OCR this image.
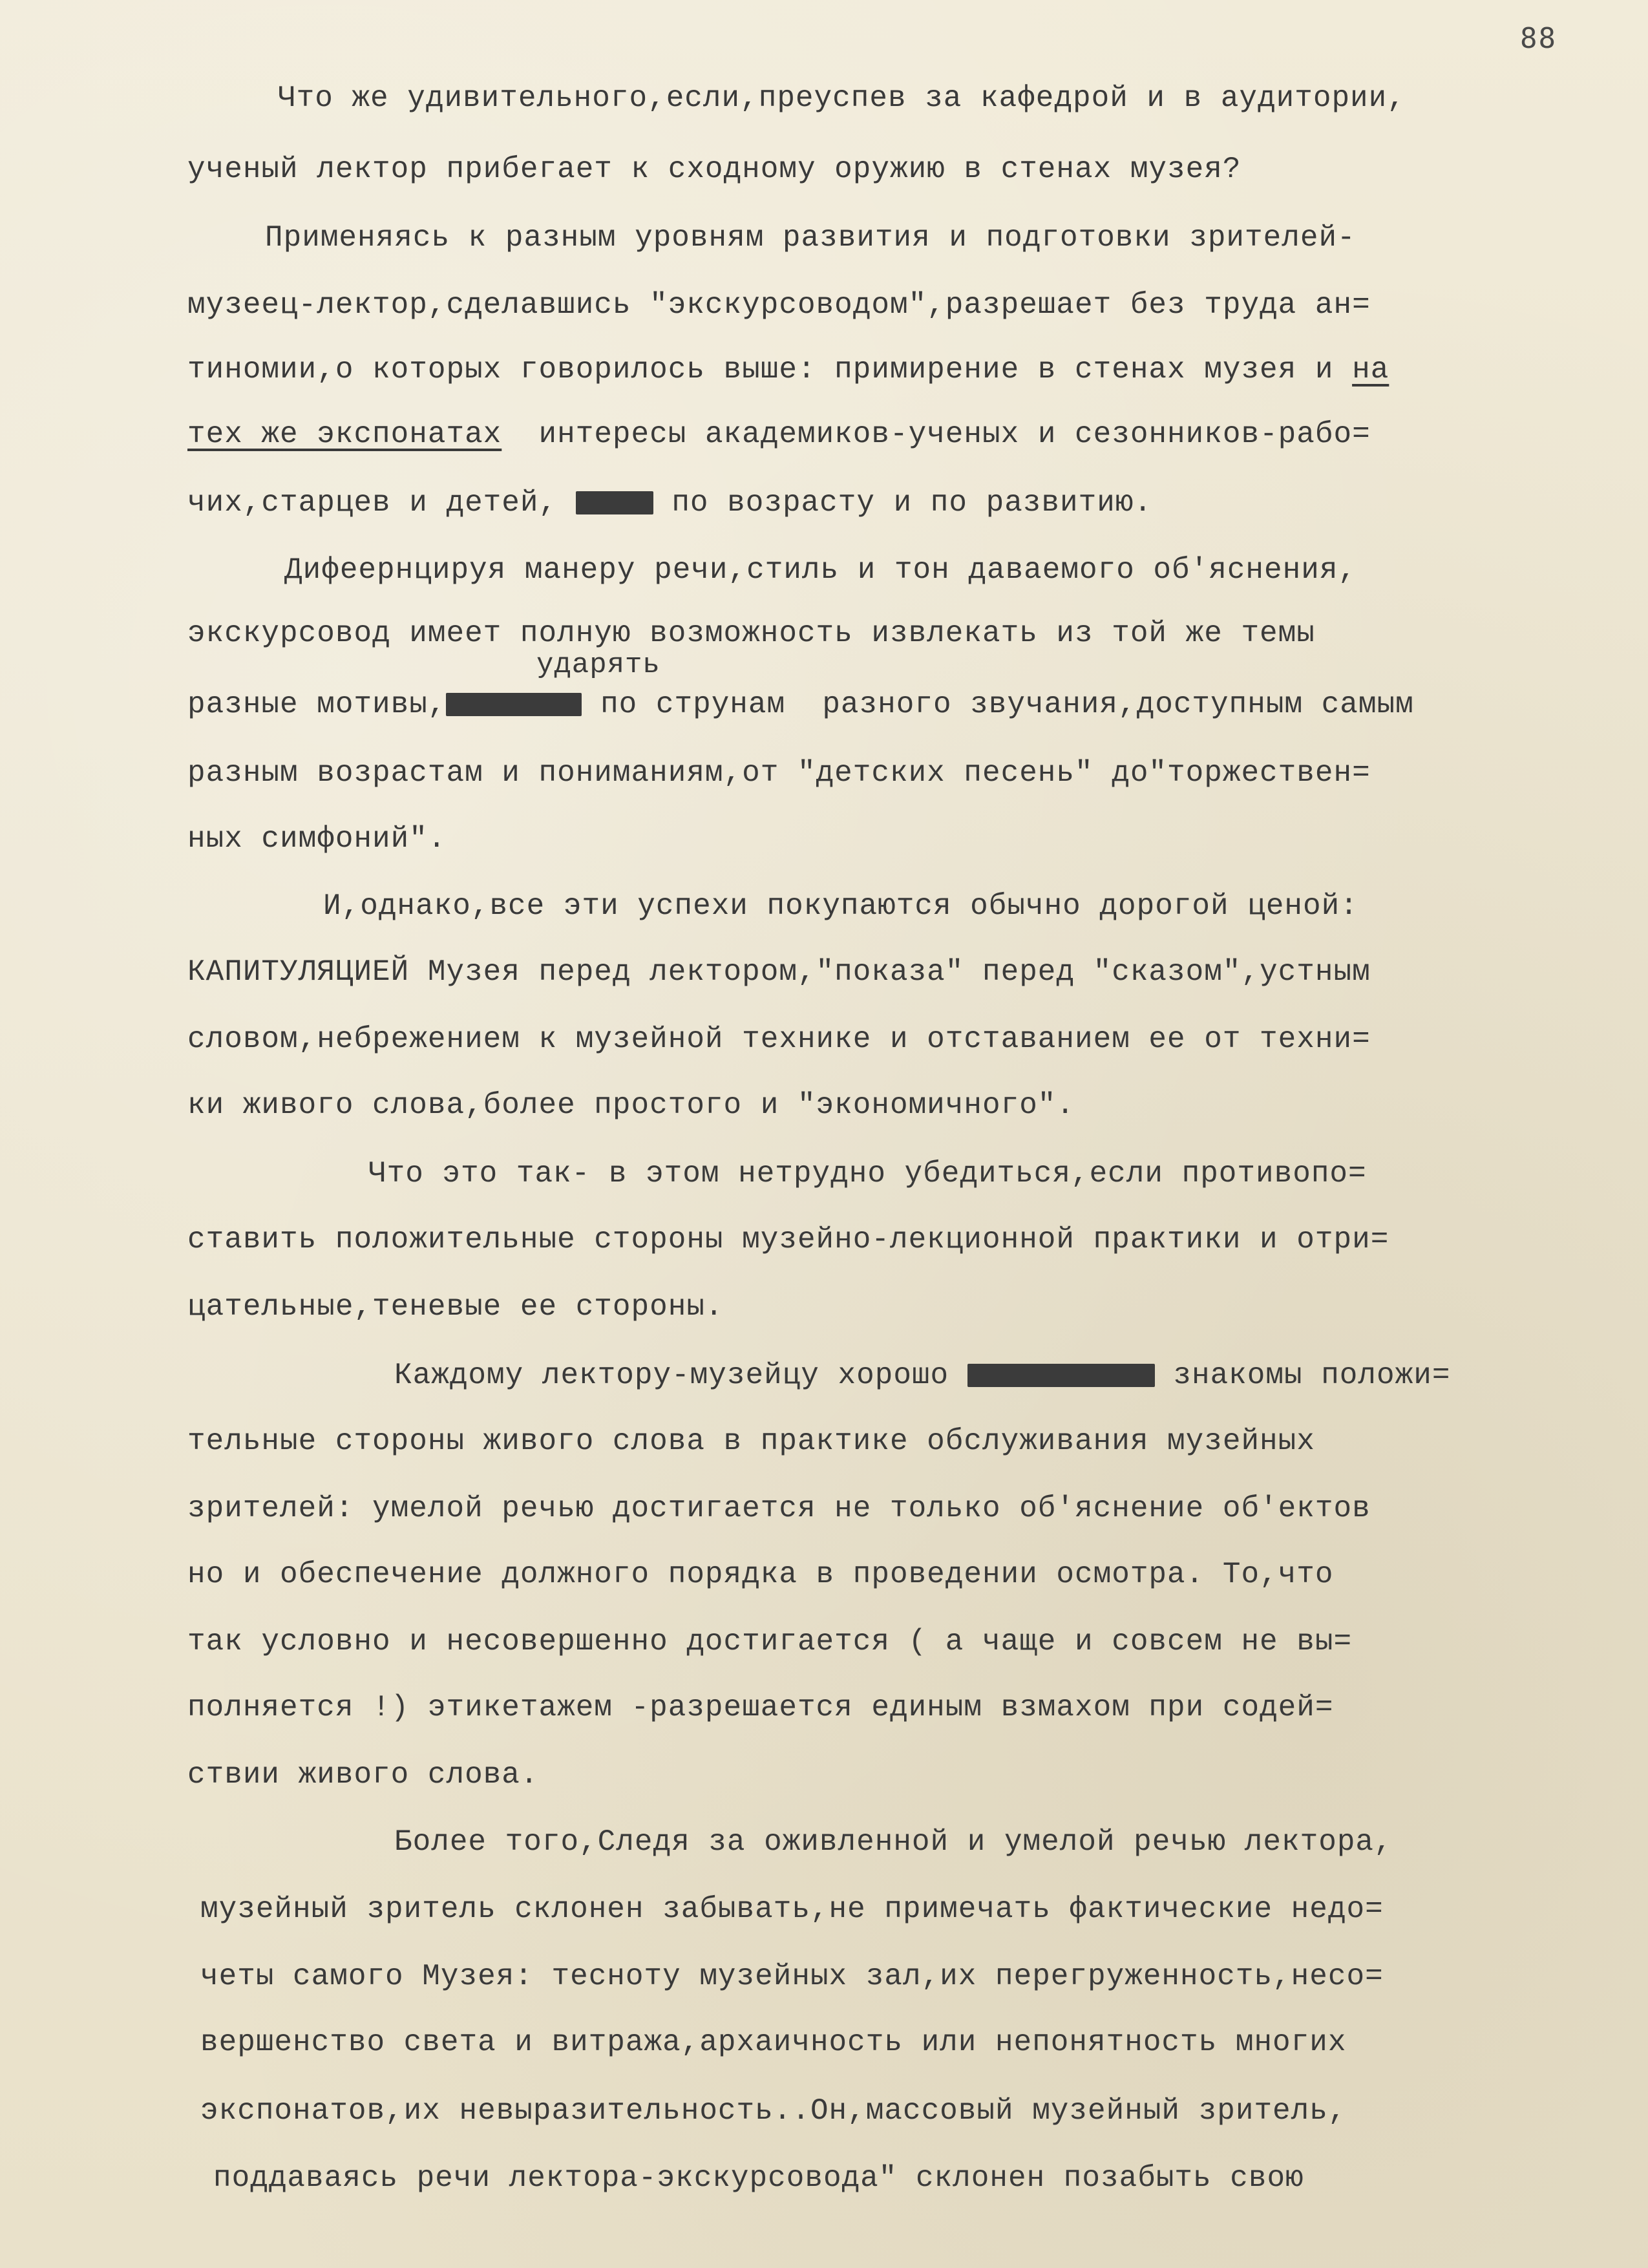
88
Что же удивительного,если,преуспев за кафедрой и в аудитории,
ученый лектор прибегает к сходному оружию в стенах музея?
Применяясь к разным уровням развития и подготовки зрителей-
музеец-лектор,сделавшись "экскурсоводом",разрешает без труда ан=
тиномии,о которых говорилось выше: примирение в стенах музея и на
тех же экспонатах интересы академиков-ученых и сезонников-рабо=
чих,старцев и детей,	по возрасту и по развитию.
Дифеернцируя манеру речи,стиль и тон даваемого об'яснения,
экскурсовод имеет полную возможность извлекать из той же темы
ударять
разные мотивы,	по струнам  разного звучания,доступным самым
разным возрастам и пониманиям,от "детских песень" до"торжествен=
ных симфоний".
И,однако,все эти успехи покупаются обычно дорогой ценой:
КАПИТУЛЯЦИЕЙ Музея перед лектором,"показа" перед "сказом",устным
словом,небрежением к музейной технике и отставанием ее от техни=
ки живого слова,более простого и "экономичного".
Что это так- в этом нетрудно убедиться,если противопо=
ставить положительные стороны музейно-лекционной практики и отри=
цательные,теневые ее стороны.
Каждому лектору-музейцу хорошо	знакомы положи=
тельные стороны живого слова в практике обслуживания музейных
зрителей: умелой речью достигается не только об'яснение об'ектов
но и обеспечение должного порядка в проведении осмотра. То,что
так условно и несовершенно достигается ( а чаще и совсем не вы=
полняется !) этикетажем -разрешается единым взмахом при содей=
ствии живого слова.
Более того,Следя за оживленной и умелой речью лектора,
музейный зритель склонен забывать,не примечать фактические недо=
четы самого Музея: тесноту музейных зал,их перегруженность,несо=
вершенство света и витража,архаичность или непонятность многих
экспонатов,их невыразительность..Он,массовый музейный зритель,
поддаваясь речи лектора-экскурсовода" склонен позабыть свою
